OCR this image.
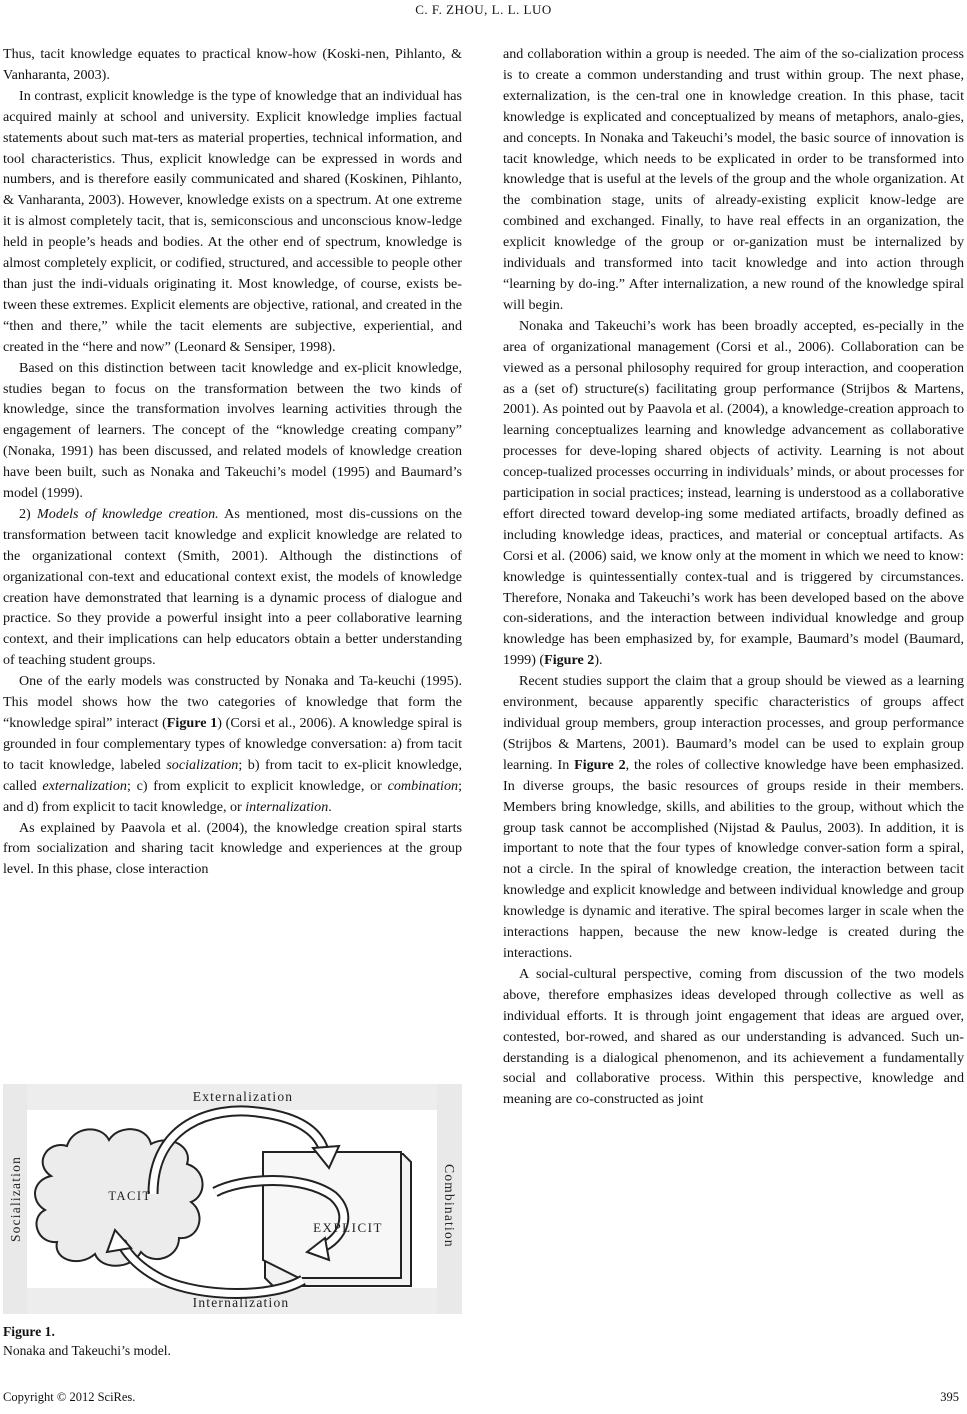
C. F. ZHOU, L. L. LUO

Thus, tacit knowledge equates to practical know-how (Koski-nen, Pihlanto, & Vanharanta, 2003).

In contrast, explicit knowledge is the type of knowledge that an individual has acquired mainly at school and university. Explicit knowledge implies factual statements about such mat-ters as material properties, technical information, and tool characteristics. Thus, explicit knowledge can be expressed in words and numbers, and is therefore easily communicated and shared (Koskinen, Pihlanto, & Vanharanta, 2003). However, knowledge exists on a spectrum. At one extreme it is almost completely tacit, that is, semiconscious and unconscious know-ledge held in people’s heads and bodies. At the other end of spectrum, knowledge is almost completely explicit, or codified, structured, and accessible to people other than just the indi-viduals originating it. Most knowledge, of course, exists be-tween these extremes. Explicit elements are objective, rational, and created in the “then and there,” while the tacit elements are subjective, experiential, and created in the “here and now” (Leonard & Sensiper, 1998).

Based on this distinction between tacit knowledge and ex-plicit knowledge, studies began to focus on the transformation between the two kinds of knowledge, since the transformation involves learning activities through the engagement of learners. The concept of the “knowledge creating company” (Nonaka, 1991) has been discussed, and related models of knowledge creation have been built, such as Nonaka and Takeuchi’s model (1995) and Baumard’s model (1999).

2) Models of knowledge creation. As mentioned, most dis-cussions on the transformation between tacit knowledge and explicit knowledge are related to the organizational context (Smith, 2001). Although the distinctions of organizational con-text and educational context exist, the models of knowledge creation have demonstrated that learning is a dynamic process of dialogue and practice. So they provide a powerful insight into a peer collaborative learning context, and their implications can help educators obtain a better understanding of teaching student groups.

One of the early models was constructed by Nonaka and Ta-keuchi (1995). This model shows how the two categories of knowledge that form the “knowledge spiral” interact (Figure 1) (Corsi et al., 2006). A knowledge spiral is grounded in four complementary types of knowledge conversation: a) from tacit to tacit knowledge, labeled socialization; b) from tacit to ex-plicit knowledge, called externalization; c) from explicit to explicit knowledge, or combination; and d) from explicit to tacit knowledge, or internalization.

As explained by Paavola et al. (2004), the knowledge creation spiral starts from socialization and sharing tacit knowledge and experiences at the group level. In this phase, close interaction

and collaboration within a group is needed. The aim of the so-cialization process is to create a common understanding and trust within group. The next phase, externalization, is the cen-tral one in knowledge creation. In this phase, tacit knowledge is explicated and conceptualized by means of metaphors, analo-gies, and concepts. In Nonaka and Takeuchi’s model, the basic source of innovation is tacit knowledge, which needs to be explicated in order to be transformed into knowledge that is useful at the levels of the group and the whole organization. At the combination stage, units of already-existing explicit know-ledge are combined and exchanged. Finally, to have real effects in an organization, the explicit knowledge of the group or or-ganization must be internalized by individuals and transformed into tacit knowledge and into action through “learning by do-ing.” After internalization, a new round of the knowledge spiral will begin.

Nonaka and Takeuchi’s work has been broadly accepted, es-pecially in the area of organizational management (Corsi et al., 2006). Collaboration can be viewed as a personal philosophy required for group interaction, and cooperation as a (set of) structure(s) facilitating group performance (Strijbos & Martens, 2001). As pointed out by Paavola et al. (2004), a knowledge-creation approach to learning conceptualizes learning and knowledge advancement as collaborative processes for deve-loping shared objects of activity. Learning is not about concep-tualized processes occurring in individuals’ minds, or about processes for participation in social practices; instead, learning is understood as a collaborative effort directed toward develop-ing some mediated artifacts, broadly defined as including knowledge ideas, practices, and material or conceptual artifacts. As Corsi et al. (2006) said, we know only at the moment in which we need to know: knowledge is quintessentially contex-tual and is triggered by circumstances. Therefore, Nonaka and Takeuchi’s work has been developed based on the above con-siderations, and the interaction between individual knowledge and group knowledge has been emphasized by, for example, Baumard’s model (Baumard, 1999) (Figure 2).

Recent studies support the claim that a group should be viewed as a learning environment, because apparently specific characteristics of groups affect individual group members, group interaction processes, and group performance (Strijbos & Martens, 2001). Baumard’s model can be used to explain group learning. In Figure 2, the roles of collective knowledge have been emphasized. In diverse groups, the basic resources of groups reside in their members. Members bring knowledge, skills, and abilities to the group, without which the group task cannot be accomplished (Nijstad & Paulus, 2003). In addition, it is important to note that the four types of knowledge conver-sation form a spiral, not a circle. In the spiral of knowledge creation, the interaction between tacit knowledge and explicit knowledge and between individual knowledge and group knowledge is dynamic and iterative. The spiral becomes larger in scale when the interactions happen, because the new know-ledge is created during the interactions.

A social-cultural perspective, coming from discussion of the two models above, therefore emphasizes ideas developed through collective as well as individual efforts. It is through joint engagement that ideas are argued over, contested, bor-rowed, and shared as our understanding is advanced. Such un-derstanding is a dialogical phenomenon, and its achievement a fundamentally social and collaborative process. Within this perspective, knowledge and meaning are co-constructed as joint

Externalization
Internalization
Socialization	Combination
TACIT
EXPLICIT
Figure 1.
Nonaka and Takeuchi’s model.
Copyright © 2012 SciRes.	395
